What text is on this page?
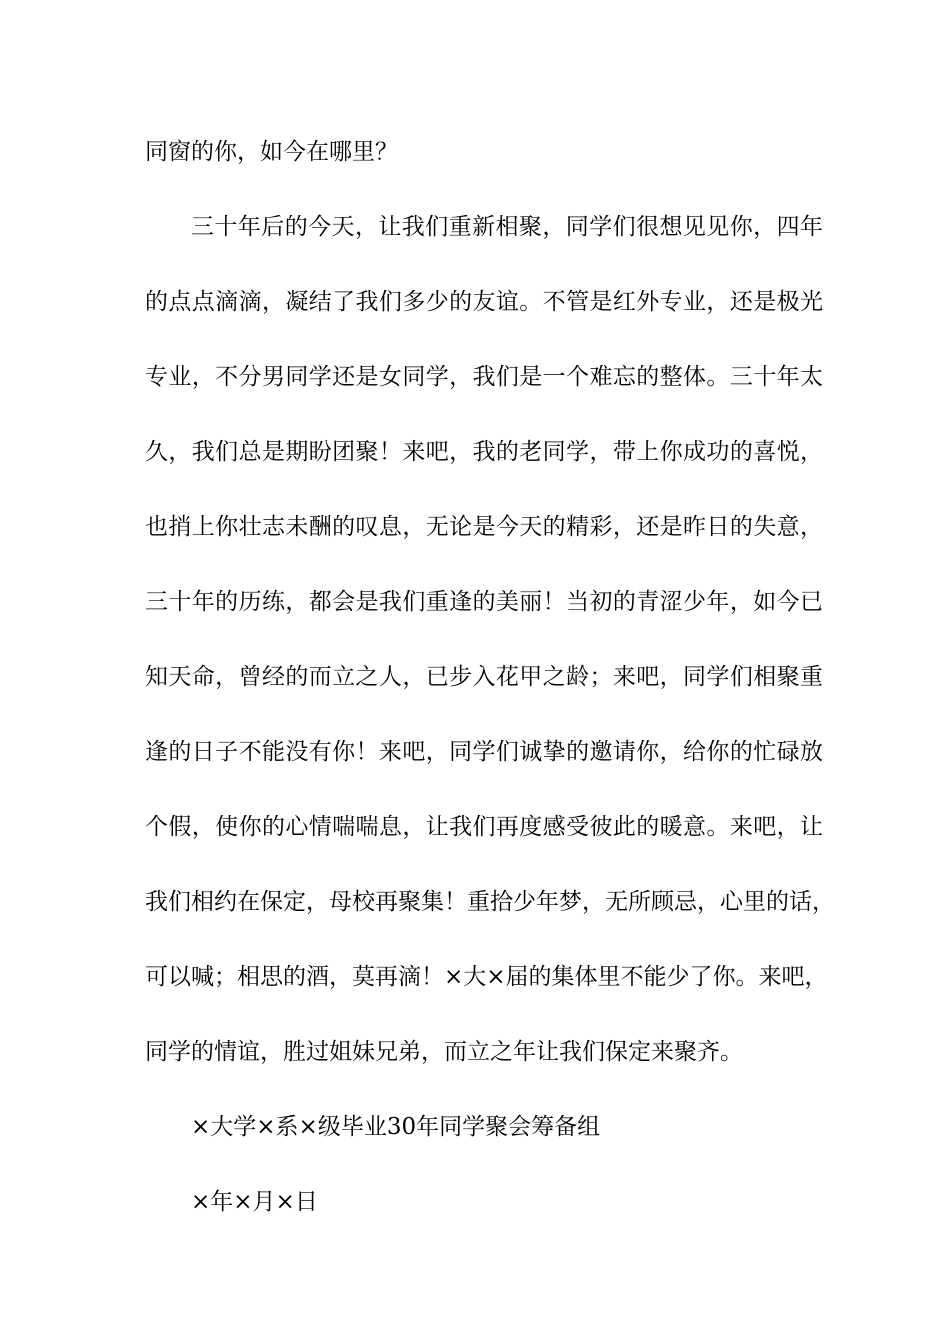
同窗的你，如今在哪里？

三十年后的今天，让我们重新相聚，同学们很想见见你，四年

的点点滴滴，凝结了我们多少的友谊。不管是红外专业，还是极光

专业，不分男同学还是女同学，我们是一个难忘的整体。三十年太

久，我们总是期盼团聚！来吧，我的老同学，带上你成功的喜悦，

也捎上你壮志未酬的叹息，无论是今天的精彩，还是昨日的失意，

三十年的历练，都会是我们重逢的美丽！当初的青涩少年，如今已

知天命，曾经的而立之人，已步入花甲之龄；来吧，同学们相聚重

逢的日子不能没有你！来吧，同学们诚挚的邀请你，给你的忙碌放

个假，使你的心情喘喘息，让我们再度感受彼此的暖意。来吧，让

我们相约在保定，母校再聚集！重拾少年梦，无所顾忌，心里的话，

可以喊；相思的酒，莫再滴！×大×届的集体里不能少了你。来吧，

同学的情谊，胜过姐妹兄弟，而立之年让我们保定来聚齐。

×大学×系×级毕业30年同学聚会筹备组

×年×月×日
